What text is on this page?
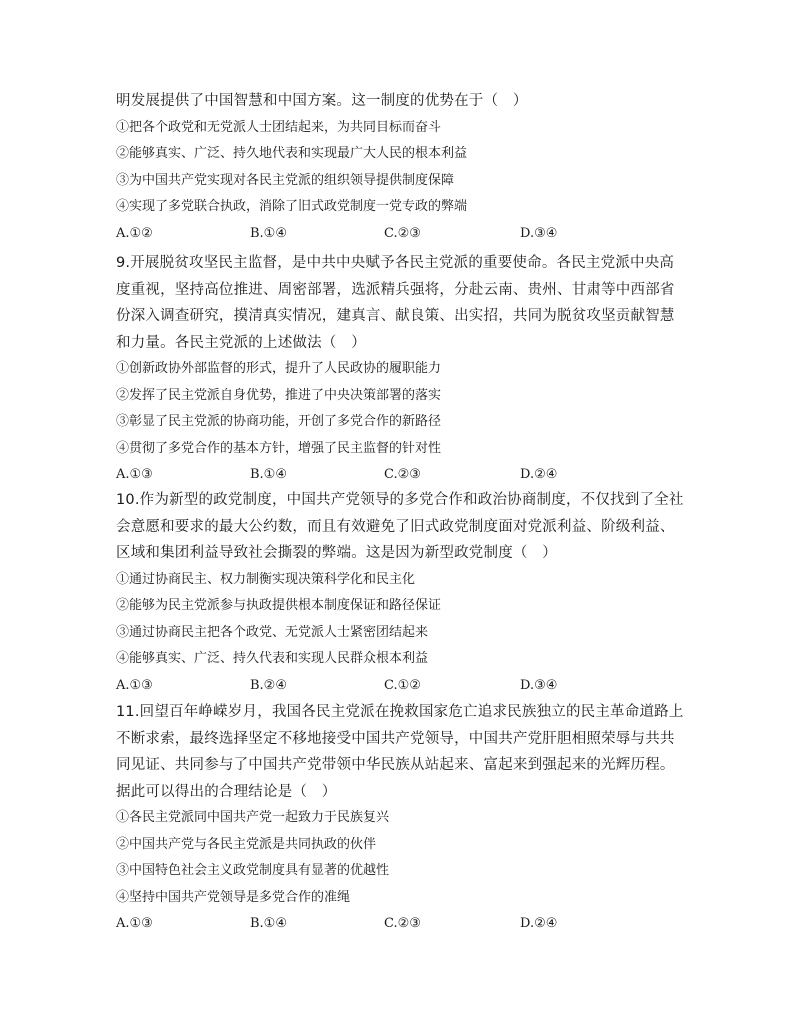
明发展提供了中国智慧和中国方案。这一制度的优势在于（　）

①把各个政党和无党派人士团结起来，为共同目标而奋斗

②能够真实、广泛、持久地代表和实现最广大人民的根本利益

③为中国共产党实现对各民主党派的组织领导提供制度保障

④实现了多党联合执政，消除了旧式政党制度一党专政的弊端

A.①②	B.①④	C.②③	D.③④

9.开展脱贫攻坚民主监督，是中共中央赋予各民主党派的重要使命。各民主党派中央高度重视，坚持高位推进、周密部署，选派精兵强将，分赴云南、贵州、甘肃等中西部省份深入调查研究，摸清真实情况，建真言、献良策、出实招，共同为脱贫攻坚贡献智慧和力量。各民主党派的上述做法（　）

①创新政协外部监督的形式，提升了人民政协的履职能力

②发挥了民主党派自身优势，推进了中央决策部署的落实

③彰显了民主党派的协商功能，开创了多党合作的新路径

④贯彻了多党合作的基本方针，增强了民主监督的针对性

A.①③	B.①④	C.②③	D.②④

10.作为新型的政党制度，中国共产党领导的多党合作和政治协商制度，不仅找到了全社会意愿和要求的最大公约数，而且有效避免了旧式政党制度面对党派利益、阶级利益、区域和集团利益导致社会撕裂的弊端。这是因为新型政党制度（　）

①通过协商民主、权力制衡实现决策科学化和民主化

②能够为民主党派参与执政提供根本制度保证和路径保证

③通过协商民主把各个政党、无党派人士紧密团结起来

④能够真实、广泛、持久代表和实现人民群众根本利益

A.①③	B.②④	C.①②	D.③④

11.回望百年峥嵘岁月，我国各民主党派在挽救国家危亡追求民族独立的民主革命道路上不断求索，最终选择坚定不移地接受中国共产党领导，中国共产党肝胆相照荣辱与共共同见证、共同参与了中国共产党带领中华民族从站起来、富起来到强起来的光辉历程。据此可以得出的合理结论是（　）

①各民主党派同中国共产党一起致力于民族复兴

②中国共产党与各民主党派是共同执政的伙伴

③中国特色社会主义政党制度具有显著的优越性

④坚持中国共产党领导是多党合作的准绳

A.①③	B.①④	C.②③	D.②④
